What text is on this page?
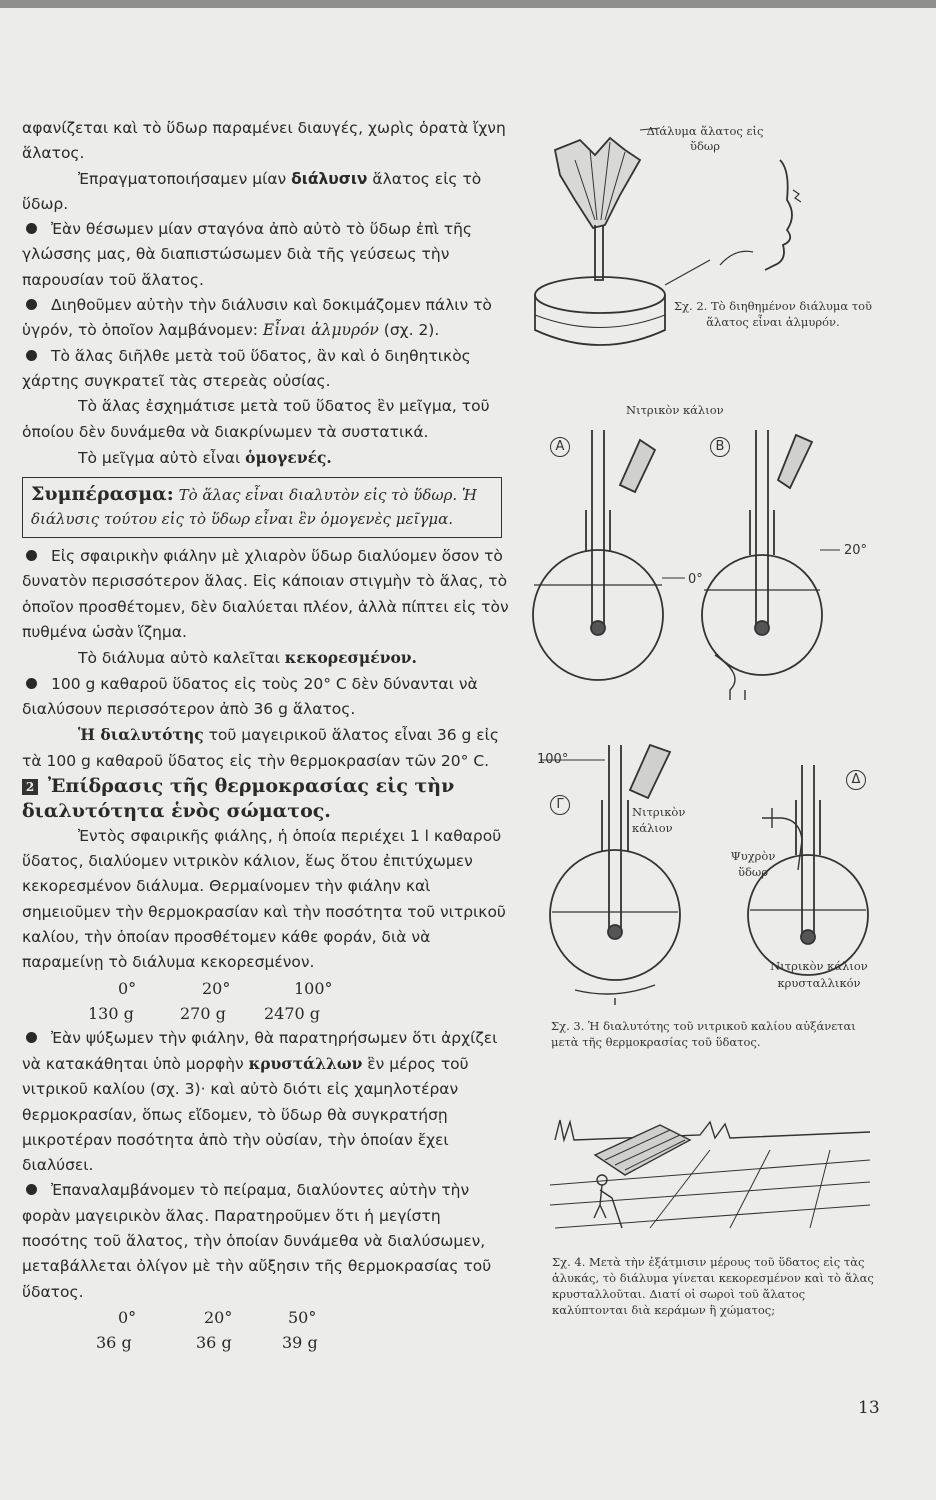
αφανίζεται καὶ τὸ ὕδωρ παραμένει διαυγές, χωρὶς ὁρατὰ ἴχνη ἅλατος.

Ἐπραγματοποιήσαμεν μίαν διάλυσιν ἅλατος εἰς τὸ ὕδωρ.

Ἐὰν θέσωμεν μίαν σταγόνα ἀπὸ αὐτὸ τὸ ὕδωρ ἐπὶ τῆς γλώσσης μας, θὰ διαπιστώσωμεν διὰ τῆς γεύσεως τὴν παρουσίαν τοῦ ἅλατος.

Διηθοῦμεν αὐτὴν τὴν διάλυσιν καὶ δοκιμάζομεν πάλιν τὸ ὑγρόν, τὸ ὁποῖον λαμβάνομεν: Εἶναι ἁλμυρόν (σχ. 2).

Τὸ ἅλας διῆλθε μετὰ τοῦ ὕδατος, ἂν καὶ ὁ διηθητικὸς χάρτης συγκρατεῖ τὰς στερεὰς οὐσίας.

Τὸ ἅλας ἐσχημάτισε μετὰ τοῦ ὕδατος ἓν μεῖγμα, τοῦ ὁποίου δὲν δυνάμεθα νὰ διακρίνωμεν τὰ συστατικά.

Τὸ μεῖγμα αὐτὸ εἶναι ὁμογενές.

Συμπέρασμα: Τὸ ἅλας εἶναι διαλυτὸν εἰς τὸ ὕδωρ. Ἡ διάλυσις τούτου εἰς τὸ ὕδωρ εἶναι ἓν ὁμογενὲς μεῖγμα.

Εἰς σφαιρικὴν φιάλην μὲ χλιαρὸν ὕδωρ διαλύομεν ὅσον τὸ δυνατὸν περισσότερον ἅλας. Εἰς κάποιαν στιγμὴν τὸ ἅλας, τὸ ὁποῖον προσθέτομεν, δὲν διαλύεται πλέον, ἀλλὰ πίπτει εἰς τὸν πυθμένα ὡσὰν ἵζημα.

Τὸ διάλυμα αὐτὸ καλεῖται κεκορεσμένον.

100 g καθαροῦ ὕδατος εἰς τοὺς 20° C δὲν δύνανται νὰ διαλύσουν περισσότερον ἀπὸ 36 g ἅλατος.

Ἡ διαλυτότης τοῦ μαγειρικοῦ ἅλατος εἶναι 36 g εἰς τὰ 100 g καθαροῦ ὕδατος εἰς τὴν θερμοκρασίαν τῶν 20° C.

2 Ἐπίδρασις τῆς θερμοκρασίας εἰς τὴν διαλυτότητα ἑνὸς σώματος.

Ἐντὸς σφαιρικῆς φιάλης, ἡ ὁποία περιέχει 1 l καθαροῦ ὕδατος, διαλύομεν νιτρικὸν κάλιον, ἕως ὅτου ἐπιτύχωμεν κεκορεσμένον διάλυμα. Θερμαίνομεν τὴν φιάλην καὶ σημειοῦμεν τὴν θερμοκρασίαν καὶ τὴν ποσότητα τοῦ νιτρικοῦ καλίου, τὴν ὁποίαν προσθέτομεν κάθε φοράν, διὰ νὰ παραμείνῃ τὸ διάλυμα κεκορεσμένον.

0°	20°	100°
130 g	270 g 2470 g

Ἐὰν ψύξωμεν τὴν φιάλην, θὰ παρατηρήσωμεν ὅτι ἀρχίζει νὰ κατακάθηται ὑπὸ μορφὴν κρυστάλλων ἓν μέρος τοῦ νιτρικοῦ καλίου (σχ. 3)· καὶ αὐτὸ διότι εἰς χαμηλοτέραν θερμοκρασίαν, ὅπως εἴδομεν, τὸ ὕδωρ θὰ συγκρατήσῃ μικροτέραν ποσότητα ἀπὸ τὴν οὐσίαν, τὴν ὁποίαν ἔχει διαλύσει.

Ἐπαναλαμβάνομεν τὸ πείραμα, διαλύοντες αὐτὴν τὴν φορὰν μαγειρικὸν ἅλας. Παρατηροῦμεν ὅτι ἡ μεγίστη ποσότης τοῦ ἅλατος, τὴν ὁποίαν δυνάμεθα νὰ διαλύσωμεν, μεταβάλλεται ὀλίγον μὲ τὴν αὔξησιν τῆς θερμοκρασίας τοῦ ὕδατος.

0°	20°	50°
36 g	36 g	39 g
Διάλυμα ἅλατος εἰς ὕδωρ
Σχ. 2. Τὸ διηθημένον διάλυμα τοῦ ἅλατος εἶναι ἁλμυρόν.
Νιτρικὸν κάλιον
Α	Β
Γ
Δ
0°
20°
100°
Νιτρικὸν κάλιον
Ψυχρὸν ὕδωρ
Νιτρικὸν κάλιον κρυσταλλικόν
Σχ. 3. Ἡ διαλυτότης τοῦ νιτρικοῦ καλίου αὐξάνεται μετὰ τῆς θερμοκρασίας τοῦ ὕδατος.
Σχ. 4. Μετὰ τὴν ἐξάτμισιν μέρους τοῦ ὕδατος εἰς τὰς ἁλυκάς, τὸ διάλυμα γίνεται κεκορεσμένον καὶ τὸ ἅλας κρυσταλλοῦται. Διατί οἱ σωροὶ τοῦ ἅλατος καλύπτονται διὰ κεράμων ἢ χώματος;
13
